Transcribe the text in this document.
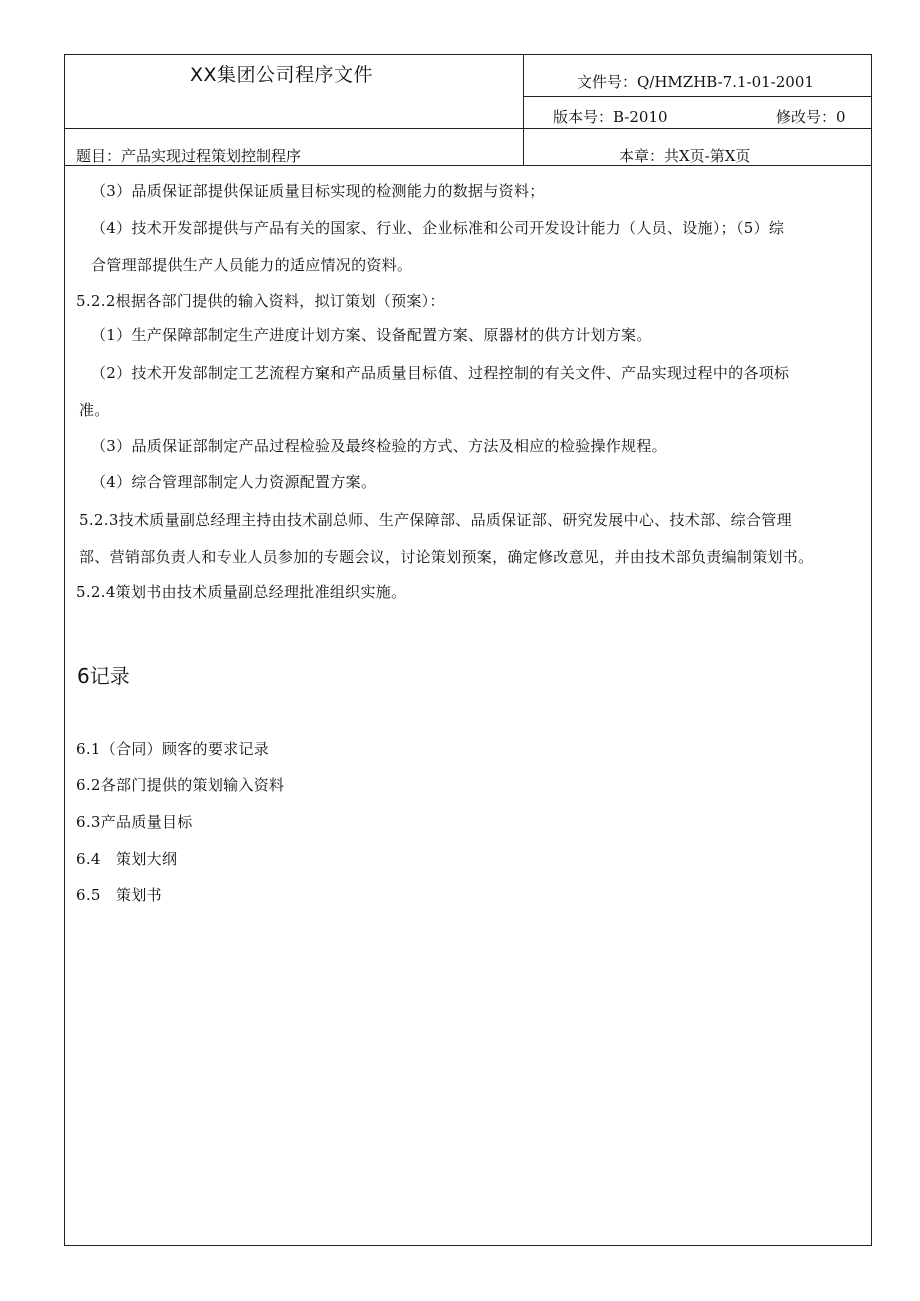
XX集团公司程序文件	文件号：Q/HMZHB-7.1-01-2001
版本号：B-2010	修改号：0
题目：产品实现过程策划控制程序	本章：共X页-第X页
（3）品质保证部提供保证质量目标实现的检测能力的数据与资料；
（4）技术开发部提供与产品有关的国家、行业、企业标准和公司开发设计能力（人员、设施）；（5）综
合管理部提供生产人员能力的适应情况的资料。
5.2.2根据各部门提供的输入资料，拟订策划（预案）：
（1）生产保障部制定生产进度计划方案、设备配置方案、原器材的供方计划方案。
（2）技术开发部制定工艺流程方窠和产品质量目标值、过程控制的有关文件、产品实现过程中的各项标
准。
（3）品质保证部制定产品过程检验及最终检验的方式、方法及相应的检验操作规程。
（4）综合管理部制定人力资源配置方案。
5.2.3技术质量副总经理主持由技术副总师、生产保障部、品质保证部、研究发展中心、技术部、综合管理
部、营销部负责人和专业人员参加的专题会议，讨论策划预案，确定修改意见，并由技术部负责编制策划书。
5.2.4策划书由技术质量副总经理批准组织实施。
6记录
6.1（合同）顾客的要求记录
6.2各部门提供的策划输入资料
6.3产品质量目标
6.4　策划大纲
6.5　策划书
